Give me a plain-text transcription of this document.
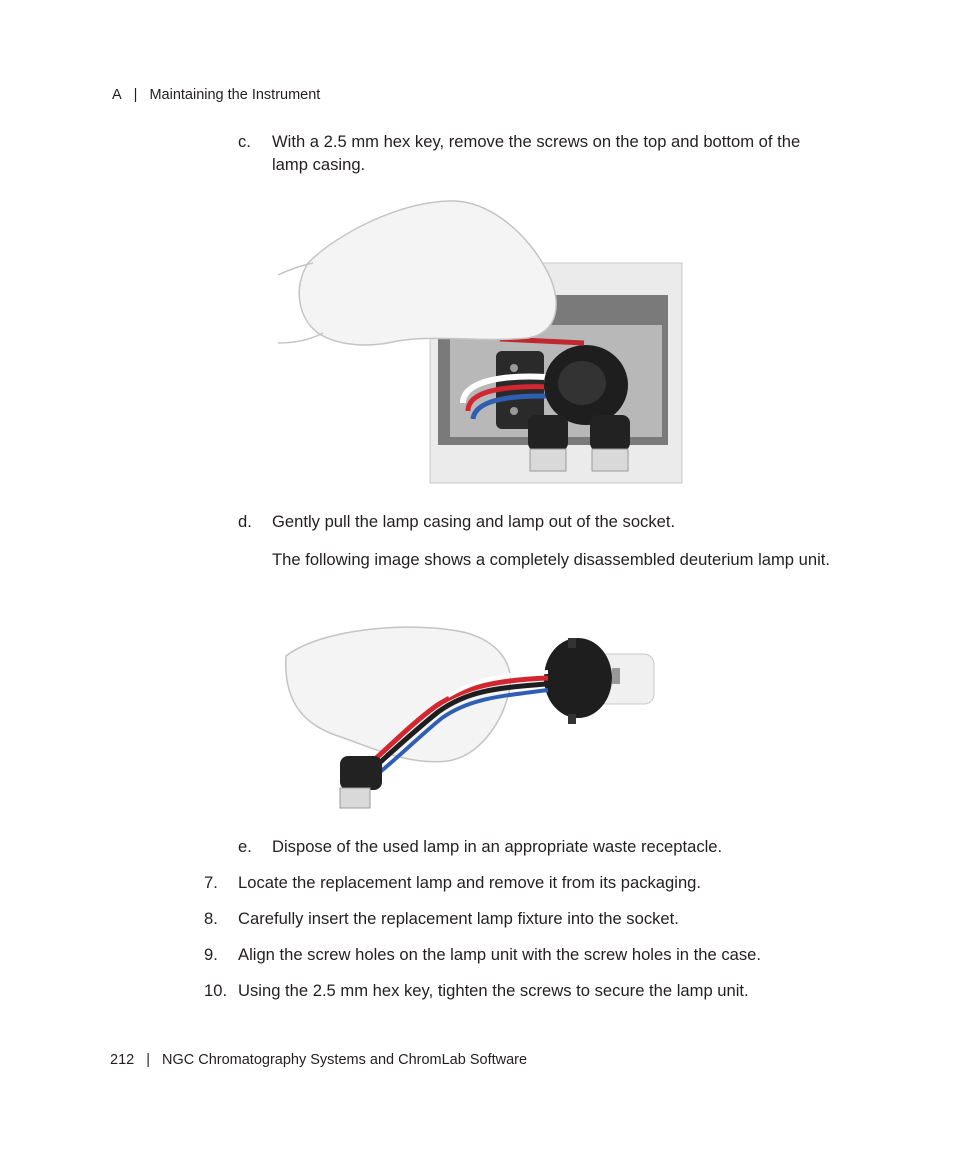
A | Maintaining the Instrument
c. With a 2.5 mm hex key, remove the screws on the top and bottom of the lamp casing.
d. Gently pull the lamp casing and lamp out of the socket.
The following image shows a completely disassembled deuterium lamp unit.
e. Dispose of the used lamp in an appropriate waste receptacle.
7. Locate the replacement lamp and remove it from its packaging.
8. Carefully insert the replacement lamp fixture into the socket.
9. Align the screw holes on the lamp unit with the screw holes in the case.
10. Using the 2.5 mm hex key, tighten the screws to secure the lamp unit.
212 | NGC Chromatography Systems and ChromLab Software
